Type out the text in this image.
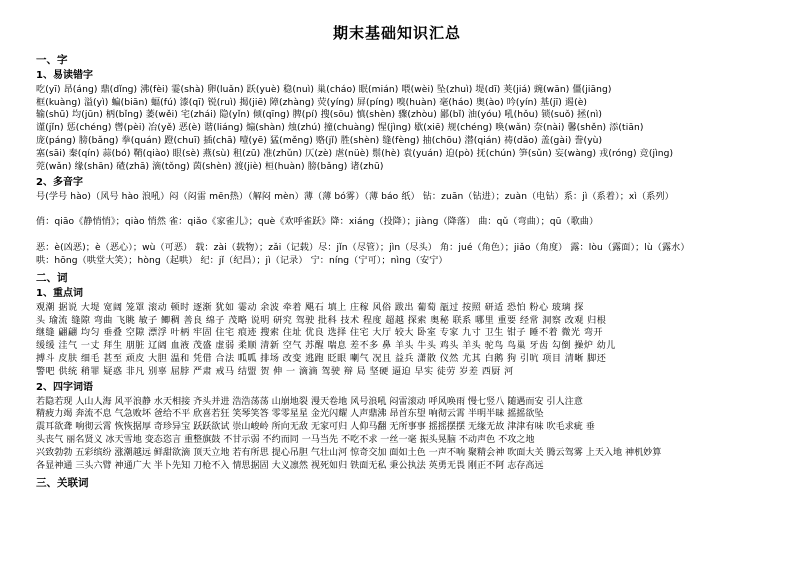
期末基础知识汇总
一、字
1、易读错字

吃(yī) 昂(áng) 鼎(dǐng) 沸(fèi) 霎(shà) 卵(luǎn) 跃(yuè) 稳(nuì) 巢(cháo) 眠(mián) 喂(wèi) 坠(zhuì) 堤(dī) 荚(jiá) 豌(wān) 僵(jiāng)

框(kuàng) 溢(yì) 蝙(biān) 蝠(fú) 漆(qī) 锐(ruì) 揭(jiē) 障(zhàng) 荧(yíng) 屏(píng) 嗅(huàn) 毫(háo) 奥(ào) 吟(yín) 基(jī) 遏(è)

输(shū) 均(jūn) 柄(bǐng) 萎(wěi) 宅(zhái) 隐(yǐn) 倾(qīng) 脾(pí) 搜(sōu) 慎(shèn) 骤(zhòu) 鄙(bǐ) 油(yóu) 吼(hǒu) 锁(suǒ) 拯(nì)

谨(jǐn) 惩(chéng) 辔(pèi) 冶(yě) 恶(è) 谐(liáng) 煽(shàn) 烛(zhú) 撞(chuàng) 惺(jìng) 歇(xiē) 规(chéng) 唤(wǎn) 奈(nài) 馨(shěn) 添(tiān)

庞(páng) 膀(bǎng) 拳(quán) 蹬(chuī) 插(chā) 噎(yē) 猛(měng) 赂(jǐ) 胜(shèn) 缝(fèng) 抽(chōu) 潜(qián) 祷(dǎo) 盖(gài) 誊(yù)

塞(sāi) 秦(qín) 蒜(bó) 鞘(qiào) 眼(sè) 燕(sù) 租(zū) 准(zhǔn) 仄(zè) 虐(nüè) 鬃(hè) 袁(yuán) 迫(pò) 抚(chún) 笋(sǔn) 妄(wàng) 戎(róng) 竞(jìng)

莞(wǎn) 缘(shān) 碴(zhā) 滴(tǒng) 茵(shèn) 渡(jiè) 桓(huàn) 膀(bǎng) 诸(zhū)

2、多音字

号(学号 hào)（风号 hào 浪吼）闷（闷雷 mēn热）（解闷 mèn）薄（薄 bó雾）（薄 báo 纸） 钻：zuān（钻进）；zuàn（电钻）系：jì（系着）；xì（系列）

俏：qiāo《静悄悄》；qiào 悄然 雀：qiǎo《家雀儿》；què《欢呼雀跃》降：xiáng（投降）；jiàng（降落） 曲：qǔ（弯曲）；qū（歌曲）

恶：è(凶恶)；è（恶心）；wù（可恶） 载：zài（载物）；zǎi（记载）尽：jǐn（尽管）；jìn（尽头） 角：jué（角色）；jiǎo（角度） 露：lòu（露面）；lù（露水）

哄：hōng（哄堂大笑）；hòng（起哄） 纪：jǐ（纪昌）；jì（记录） 宁：níng（宁可）；nìng（安宁）

二、词
1、重点词

观潮 据说 大堤 宽阔 笼罩 滚动 顿时 逐渐 犹如 霎动 余波 牵着 飓石 填上 庄稼 风俗 跋出 葡萄 瓿过 按照 研适 恐怕 粉心 玻璃 探

头 瑜流 缝隙 弯曲 飞眺 敏子 鲫稠 善良 绵子 茂略 说明 研究 驾驶 批科 技术 程度 超越 探索 奥秘 联系 哪里 重要 经常 洞察 改观 归根

继缝 翩翩 均匀 垂叠 空隙 漂浮 叶柄 牢固 住宅 痕迹 搜索 住址 优良 选择 住宅 大厅 较大 卧室 专家 九寸 卫生 钳子 睡不着 微光 弯开

缓缓 洼气 一丈 拜生 朋脏 辽阔 血液 茂盛 虚弱 柔顺 清新 空气 苏醒 喘息 差不多 鼻 羊头 牛头 鸡头 羊头 驼鸟 鸟巢 牙齿 勾倒 操炉 幼儿

搏斗 皮肤 细毛 甚至 顽皮 大胆 温和 凭借 合法 呱呱 排场 改变 逃跑 眨眼 喇气 况且 益兵 潇散 仪然 尤其 白鹅 狗 引吭 项目 清晰 脚还

警吧 供统 稍罪 疑惑 非凡 别辜 屈脖 严肃 戒马 结盟 贺 伸 一 滴滴 驾驶 辩 局 坚硬 逼迫 早实 徒劳 岁差 西厨 河

2、四字词语

若隐若现 人山人海 风平浪静 水天相接 齐头并进 浩浩荡荡 山崩地裂 漫天卷地 风号浪吼 闷雷滚动 呼风唤雨 慢七竖八 随遇而安 引人注意

精疲力竭 奔流不息 气急败坏 爸给不平 欣喜若狂 笑琴笑答 零零星星 金光闪耀 人声鼎沸 昂首东望 响彻云霄 半明半昧 摇摇欲坠

震耳欲聋 响彻云霄 恢恢据厚 奇珍异宝 跃跃欲试 崇山峻岭 所向无敌 无家可归 人仰马翻 无所事事 摇摇摆摆 无缘无故 津津有味 吹毛求疵 垂

头丧气 丽名贤义 冰天雪地 变态恣言 重整旗鼓 不甘示弱 不约而同 一马当先 不吃不求 一丝一毫 振头晃脑 不动声色 不攻之地

兴致勃勃 五彩缤纷 涨潮越远 鲜甜欲滴 顶天立地 若有所思 提心吊胆 气壮山河 惊奇交加 面如土色 一声不响 聚精会神 吹面大关 腾云驾雾 上天入地 神机妙算

各显神通 三头六臂 神通广大 半卜先知 刀枪不入 情思据固 大义凛然 视死如归 铁面无私 秉公执法 英勇无畏 刚正不阿 志存高远

三、关联词
